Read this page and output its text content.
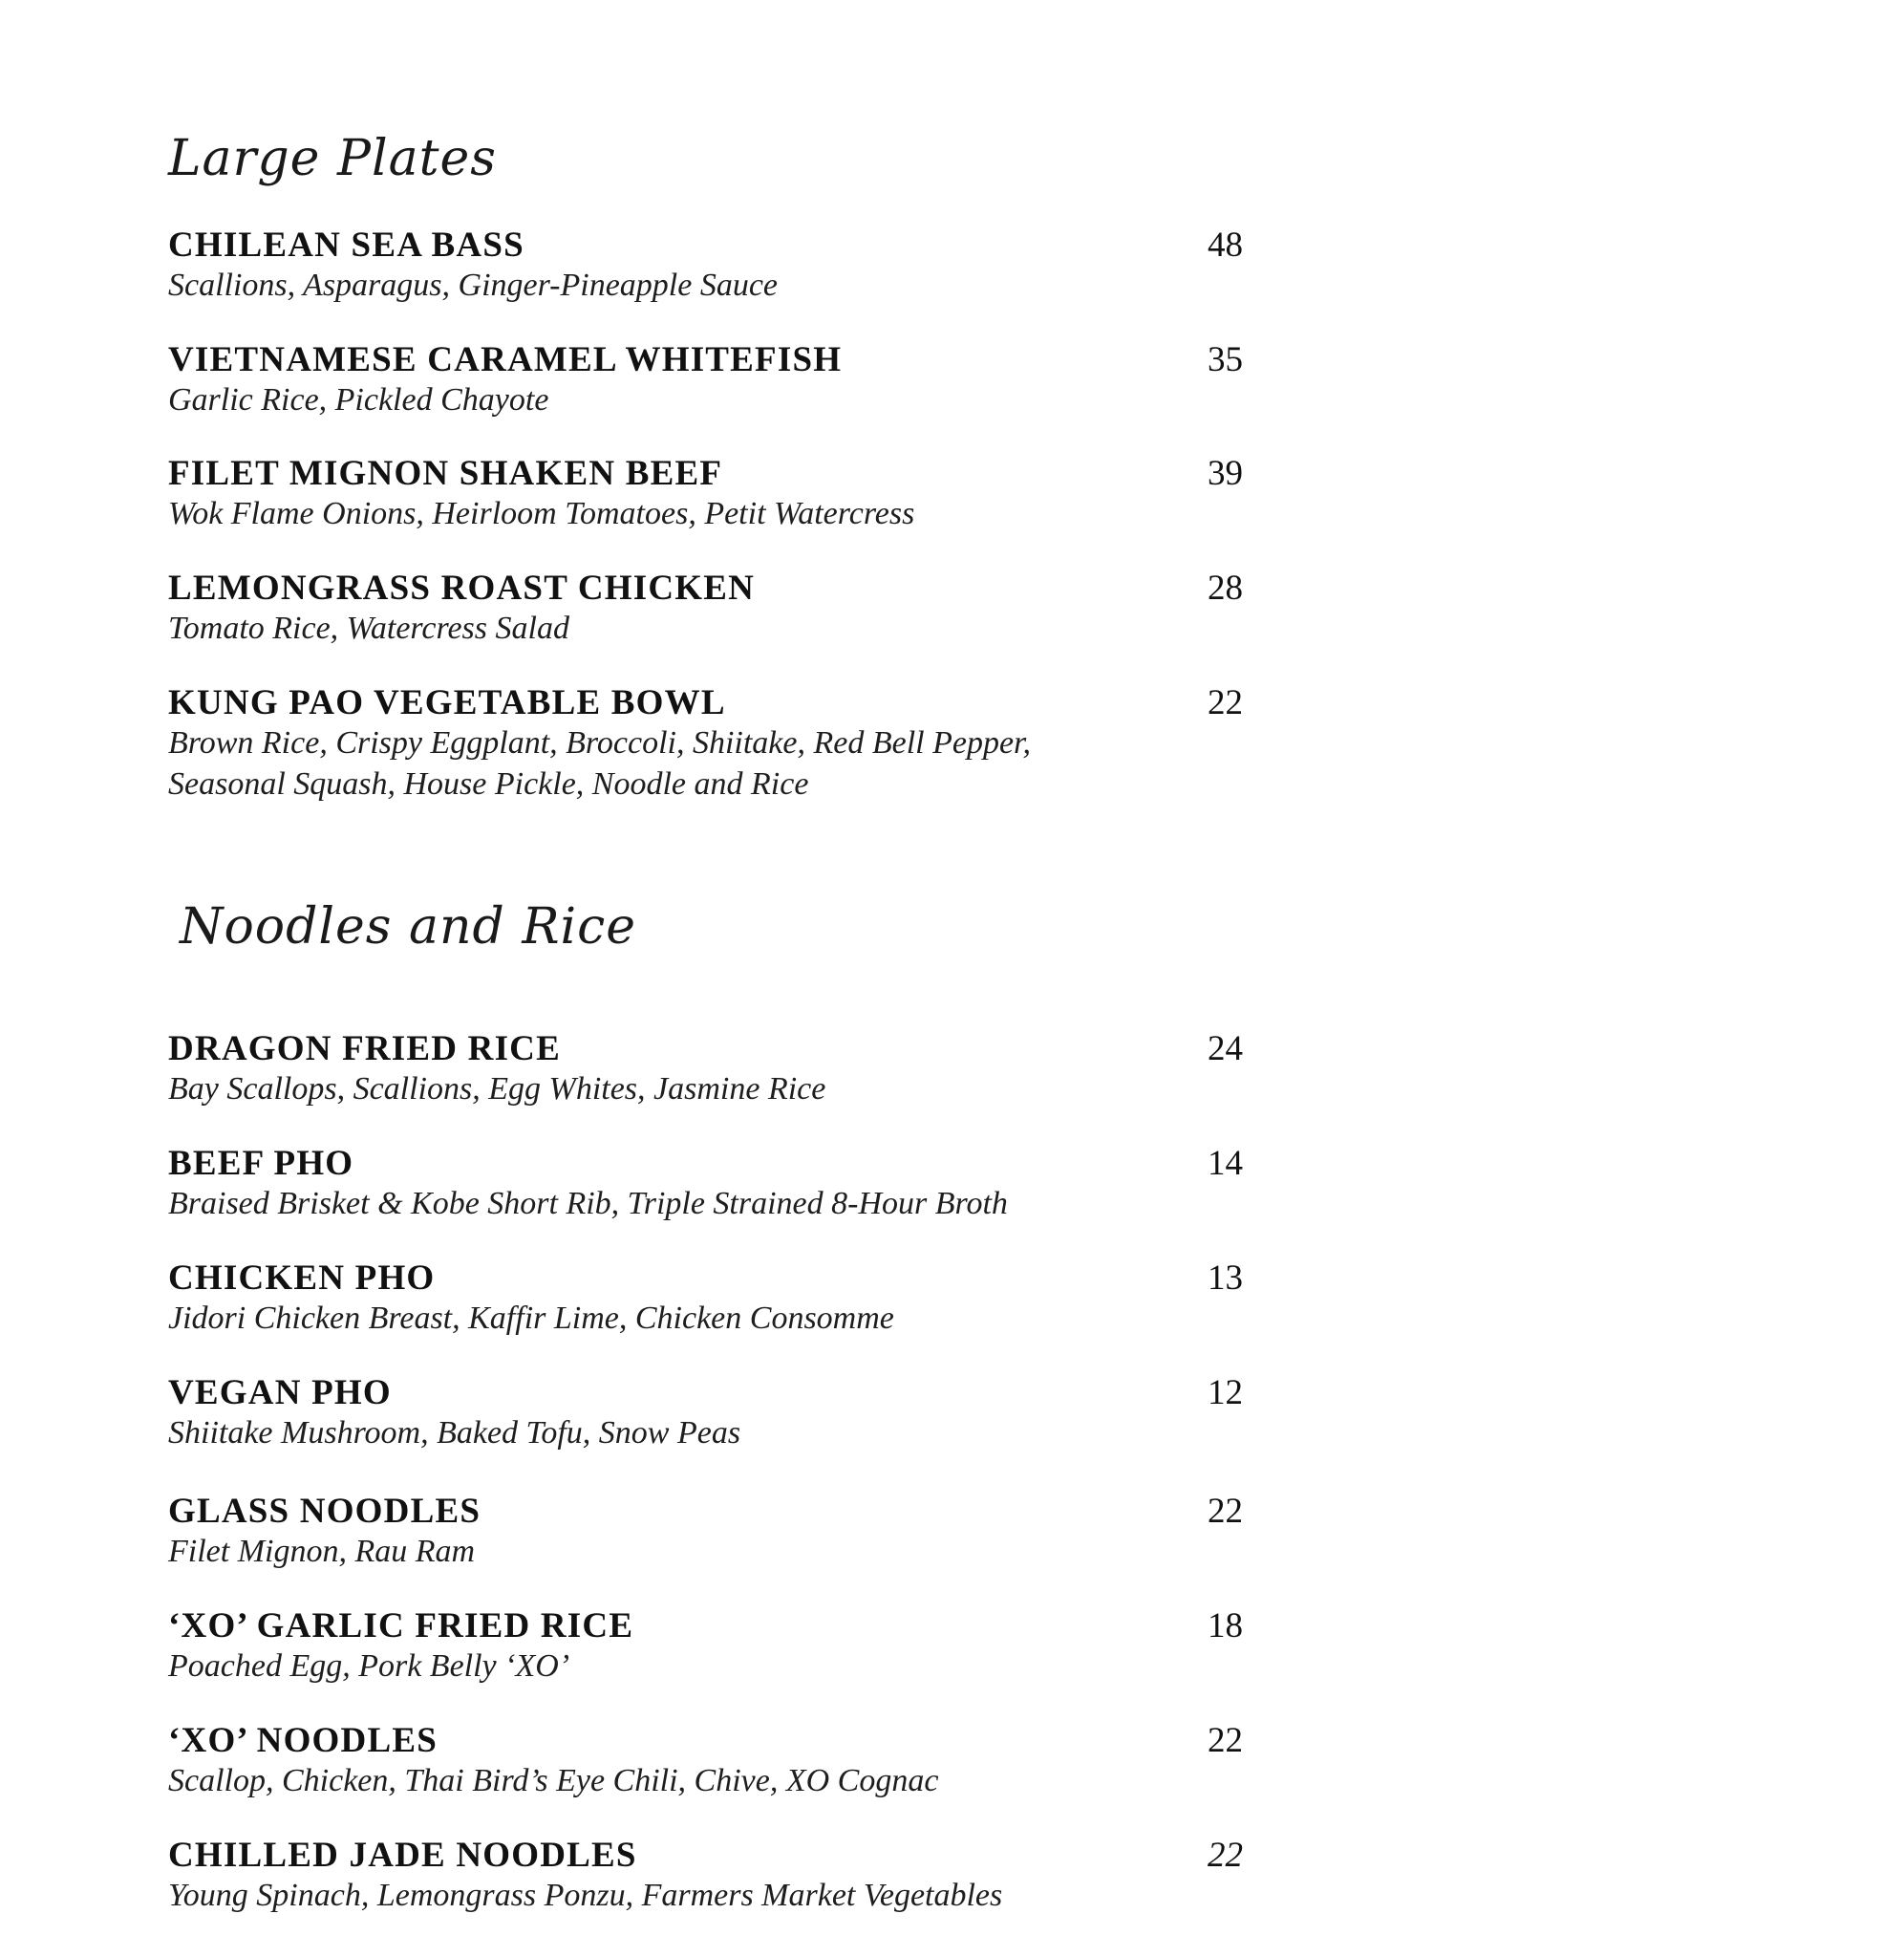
Large Plates
CHILEAN SEA BASS	48
Scallions, Asparagus, Ginger-Pineapple Sauce
VIETNAMESE CARAMEL WHITEFISH	35
Garlic Rice, Pickled Chayote
FILET MIGNON SHAKEN BEEF	39
Wok Flame Onions, Heirloom Tomatoes, Petit Watercress
LEMONGRASS ROAST CHICKEN	28
Tomato Rice, Watercress Salad
KUNG PAO VEGETABLE BOWL	22
Brown Rice, Crispy Eggplant, Broccoli, Shiitake, Red Bell Pepper,
Seasonal Squash, House Pickle, Noodle and Rice
Noodles and Rice
DRAGON FRIED RICE	24
Bay Scallops, Scallions, Egg Whites, Jasmine Rice
BEEF PHO	14
Braised Brisket & Kobe Short Rib, Triple Strained 8-Hour Broth
CHICKEN PHO	13
Jidori Chicken Breast, Kaffir Lime, Chicken Consomme
VEGAN PHO	12
Shiitake Mushroom, Baked Tofu, Snow Peas
GLASS NOODLES	22
Filet Mignon, Rau Ram
‘XO’ GARLIC FRIED RICE	18
Poached Egg, Pork Belly ‘XO’
‘XO’ NOODLES	22
Scallop, Chicken, Thai Bird’s Eye Chili, Chive, XO Cognac
CHILLED JADE NOODLES	22
Young Spinach, Lemongrass Ponzu, Farmers Market Vegetables
